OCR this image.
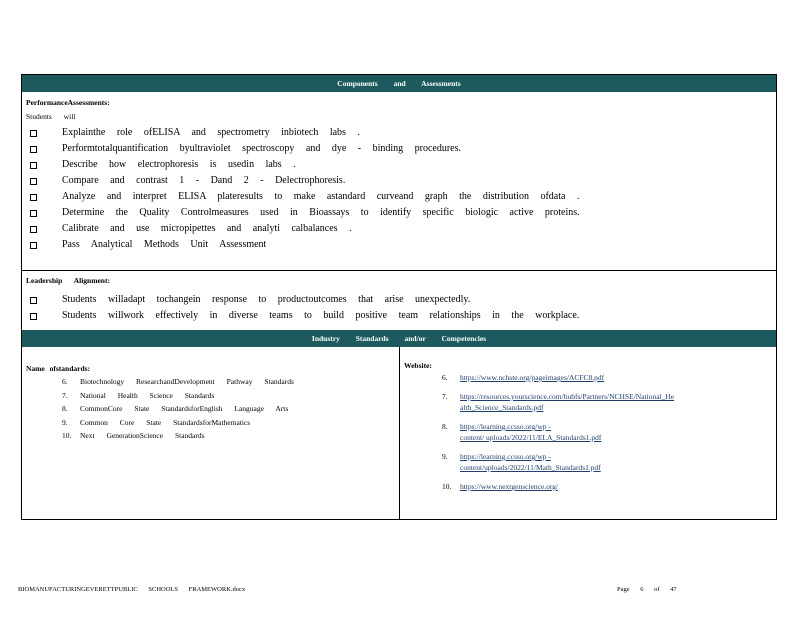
Components and Assessments
PerformanceAssessments:
Students will
Explainthe role ofELISA and spectrometry inbiotech labs .
Performtotalquantification byultraviolet spectroscopy and dye - binding procedures.
Describe how electrophoresis is usedin labs .
Compare and contrast 1 - Dand 2 - Delectrophoresis.
Analyze and interpret ELISA plateresults to make astandard curveand graph the distribution ofdata .
Determine the Quality Controlmeasures used in Bioassays to identify specific biologic active proteins.
Calibrate and use micropipettes and analyti calbalances .
Pass Analytical Methods Unit Assessment
Leadership Alignment:
Students willadapt tochangein response to productoutcomes that arise unexpectedly.
Students willwork effectively in diverse teams to build positive team relationships in the workplace.
Industry Standards and/or Competencies
Name ofstandards:
6. Biotechnology ResearchandDevelopment Pathway Standards
7. National Health Science Standards
8. CommonCore State StandardsforEnglish Language Arts
9. Common Core State StandardsforMathematics
10. Next GenerationScience Standards
Website:
6. https://www.nchste.org/pageimages/ACFC8.pdf
7. https://resources.yourscience.com/hubfs/Partners/NCHSE/National_He
alth_Science_Standards.pdf
8. https://learning.ccsso.org/wp -
content/ uploads/2022/11/ELA_Standards1.pdf
9. https://learning.ccsso.org/wp -
content/uploads/2022/11/Math_Standards1.pdf
10. https://www.nextgenscience.org/
BIOMANUFACTURINGEVERETTPUBLIC SCHOOLS FRAMEWORK.docx	Page 6 of 47
